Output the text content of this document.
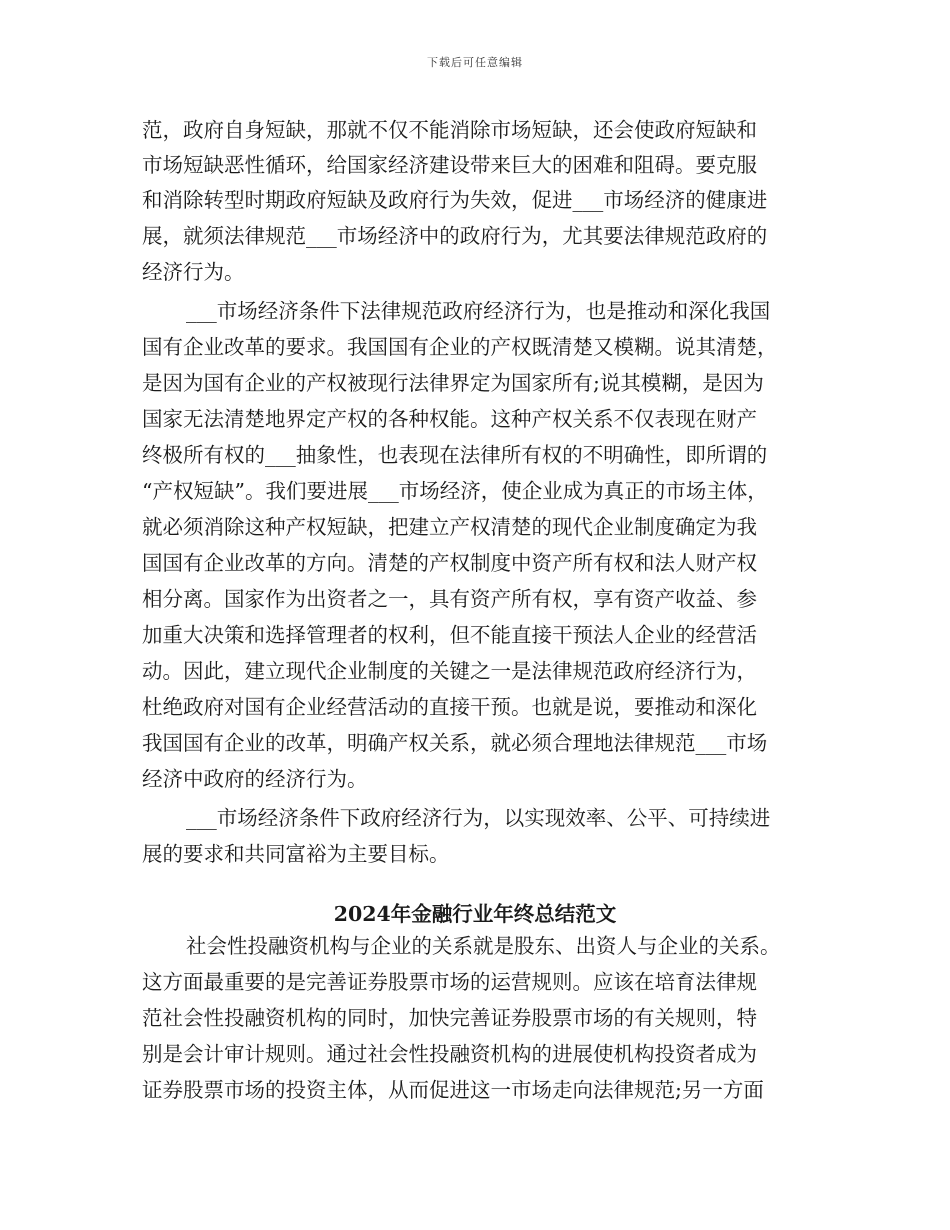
下载后可任意编辑
范，政府自身短缺，那就不仅不能消除市场短缺，还会使政府短缺和
市场短缺恶性循环，给国家经济建设带来巨大的困难和阻碍。要克服
和消除转型时期政府短缺及政府行为失效，促进___市场经济的健康进
展，就须法律规范___市场经济中的政府行为，尤其要法律规范政府的
经济行为。
___市场经济条件下法律规范政府经济行为，也是推动和深化我国
国有企业改革的要求。我国国有企业的产权既清楚又模糊。说其清楚，
是因为国有企业的产权被现行法律界定为国家所有;说其模糊，是因为
国家无法清楚地界定产权的各种权能。这种产权关系不仅表现在财产
终极所有权的___抽象性，也表现在法律所有权的不明确性，即所谓的
“产权短缺”。我们要进展___市场经济，使企业成为真正的市场主体，
就必须消除这种产权短缺，把建立产权清楚的现代企业制度确定为我
国国有企业改革的方向。清楚的产权制度中资产所有权和法人财产权
相分离。国家作为出资者之一，具有资产所有权，享有资产收益、参
加重大决策和选择管理者的权利，但不能直接干预法人企业的经营活
动。因此，建立现代企业制度的关键之一是法律规范政府经济行为，
杜绝政府对国有企业经营活动的直接干预。也就是说，要推动和深化
我国国有企业的改革，明确产权关系，就必须合理地法律规范___市场
经济中政府的经济行为。
___市场经济条件下政府经济行为，以实现效率、公平、可持续进
展的要求和共同富裕为主要目标。
2024年金融行业年终总结范文
社会性投融资机构与企业的关系就是股东、出资人与企业的关系。
这方面最重要的是完善证券股票市场的运营规则。应该在培育法律规
范社会性投融资机构的同时，加快完善证券股票市场的有关规则，特
别是会计审计规则。通过社会性投融资机构的进展使机构投资者成为
证券股票市场的投资主体，从而促进这一市场走向法律规范;另一方面
